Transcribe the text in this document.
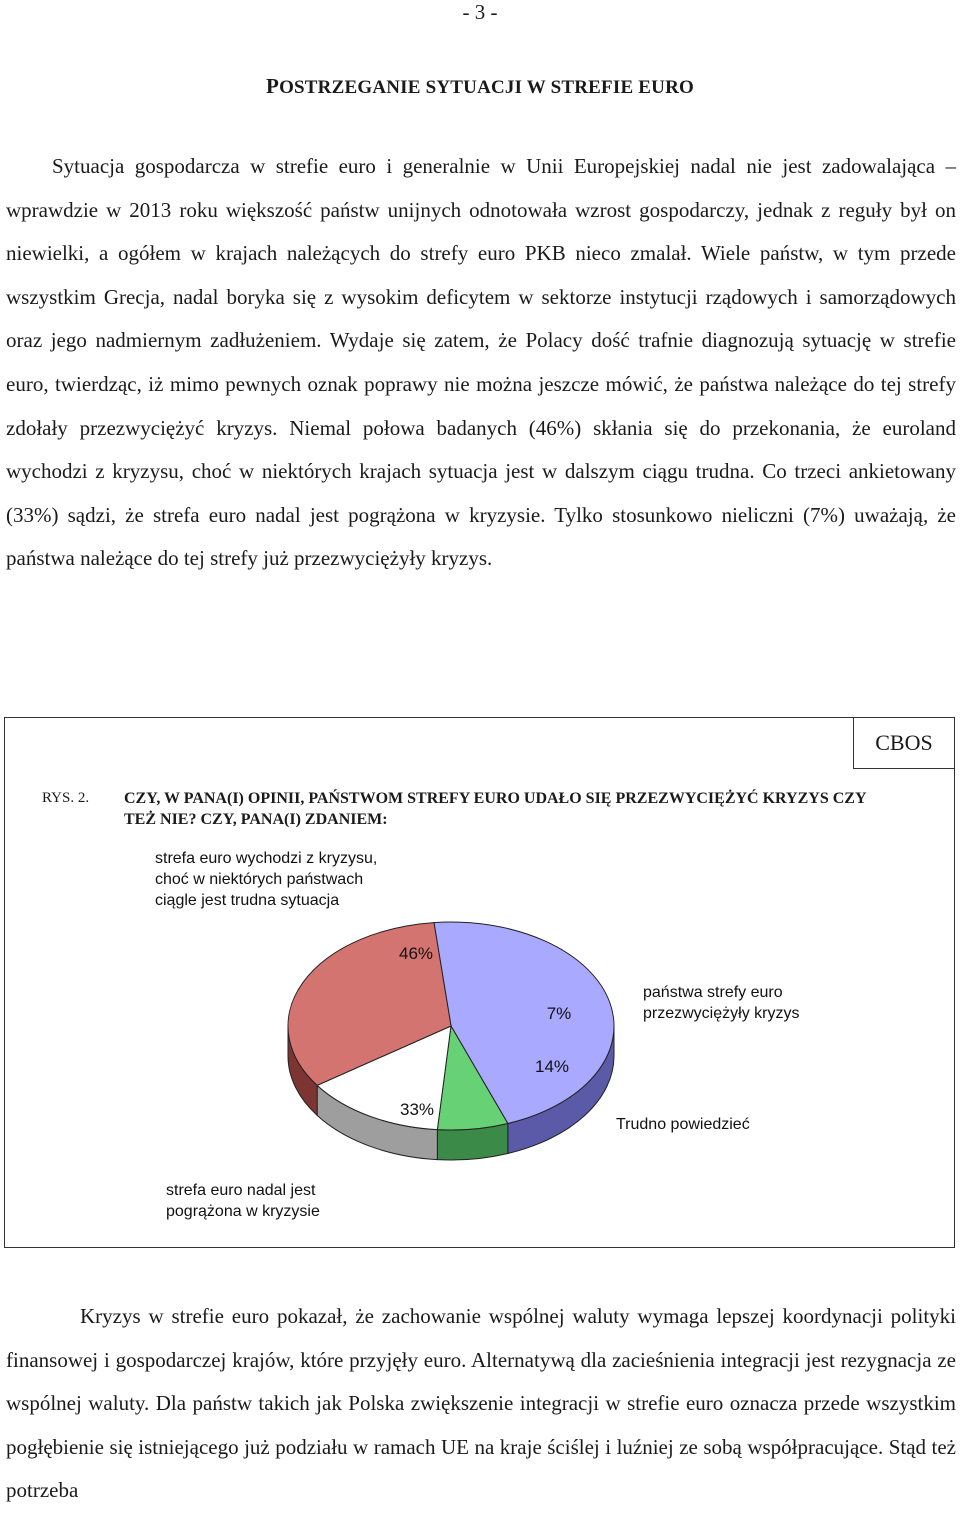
- 3 -
POSTRZEGANIE SYTUACJI W STREFIE EURO

Sytuacja gospodarcza w strefie euro i generalnie w Unii Europejskiej nadal nie jest zadowalająca – wprawdzie w 2013 roku większość państw unijnych odnotowała wzrost gospodarczy, jednak z reguły był on niewielki, a ogółem w krajach należących do strefy euro PKB nieco zmalał. Wiele państw, w tym przede wszystkim Grecja, nadal boryka się z wysokim deficytem w sektorze instytucji rządowych i samorządowych oraz jego nadmiernym zadłużeniem. Wydaje się zatem, że Polacy dość trafnie diagnozują sytuację w strefie euro, twierdząc, iż mimo pewnych oznak poprawy nie można jeszcze mówić, że państwa należące do tej strefy zdołały przezwyciężyć kryzys. Niemal połowa badanych (46%) skłania się do przekonania, że euroland wychodzi z kryzysu, choć w niektórych krajach sytuacja jest w dalszym ciągu trudna. Co trzeci ankietowany (33%) sądzi, że strefa euro nadal jest pogrążona w kryzysie. Tylko stosunkowo nieliczni (7%) uważają, że państwa należące do tej strefy już przezwyciężyły kryzys.

CBOS
RYS. 2. CZY, W PANA(I) OPINII, PAŃSTWOM STREFY EURO UDAŁO SIĘ PRZEZWYCIĘŻYĆ KRYZYS CZY TEŻ NIE? CZY, PANA(I) ZDANIEM:
46%
7%
14%
33%
strefa euro wychodzi z kryzysu, choć w niektórych państwach ciągle jest trudna sytuacja
państwa strefy euro przezwyciężyły kryzys
Trudno powiedzieć
strefa euro nadal jest pogrążona w kryzysie

Kryzys w strefie euro pokazał, że zachowanie wspólnej waluty wymaga lepszej koordynacji polityki finansowej i gospodarczej krajów, które przyjęły euro. Alternatywą dla zacieśnienia integracji jest rezygnacja ze wspólnej waluty. Dla państw takich jak Polska zwiększenie integracji w strefie euro oznacza przede wszystkim pogłębienie się istniejącego już podziału w ramach UE na kraje ściślej i luźniej ze sobą współpracujące. Stąd też potrzeba
